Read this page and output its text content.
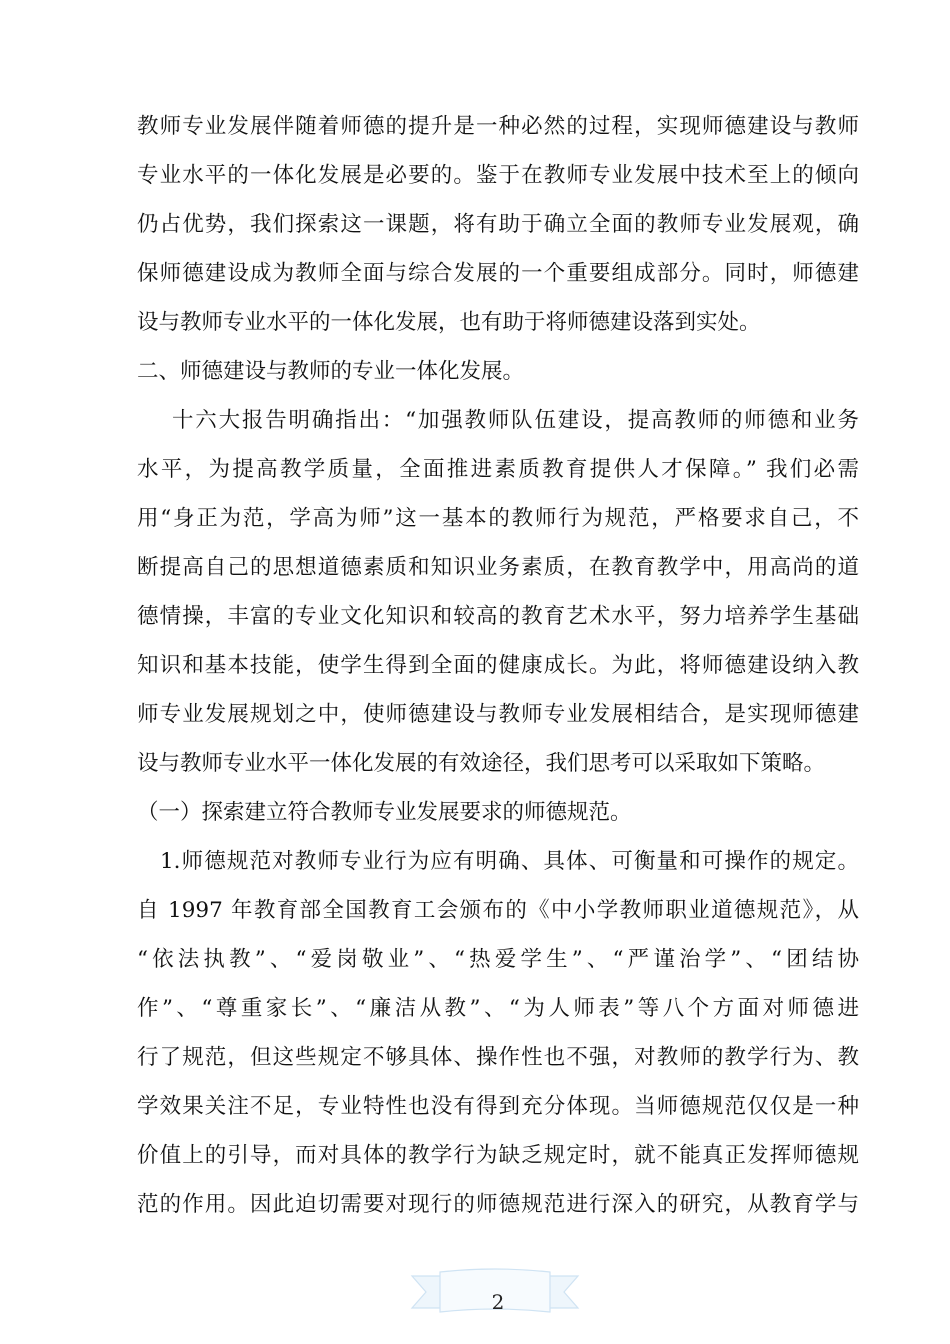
教师专业发展伴随着师德的提升是一种必然的过程，实现师德建设与教师
专业水平的一体化发展是必要的。鉴于在教师专业发展中技术至上的倾向
仍占优势，我们探索这一课题，将有助于确立全面的教师专业发展观，确
保师德建设成为教师全面与综合发展的一个重要组成部分。同时，师德建
设与教师专业水平的一体化发展，也有助于将师德建设落到实处。
二、师德建设与教师的专业一体化发展。
十六大报告明确指出：“加强教师队伍建设，提高教师的师德和业务
水平，为提高教学质量，全面推进素质教育提供人才保障。” 我们必需
用“身正为范，学高为师”这一基本的教师行为规范，严格要求自己，不
断提高自己的思想道德素质和知识业务素质，在教育教学中，用高尚的道
德情操，丰富的专业文化知识和较高的教育艺术水平，努力培养学生基础
知识和基本技能，使学生得到全面的健康成长。为此，将师德建设纳入教
师专业发展规划之中，使师德建设与教师专业发展相结合，是实现师德建
设与教师专业水平一体化发展的有效途径，我们思考可以采取如下策略。
（一）探索建立符合教师专业发展要求的师德规范。
1.师德规范对教师专业行为应有明确、具体、可衡量和可操作的规定。
自 1997 年教育部全国教育工会颁布的《中小学教师职业道德规范》，从
“依法执教”、“爱岗敬业”、“热爱学生”、“严谨治学”、“团结协
作”、“尊重家长”、“廉洁从教”、“为人师表”等八个方面对师德进
行了规范，但这些规定不够具体、操作性也不强，对教师的教学行为、教
学效果关注不足，专业特性也没有得到充分体现。当师德规范仅仅是一种
价值上的引导，而对具体的教学行为缺乏规定时，就不能真正发挥师德规
范的作用。因此迫切需要对现行的师德规范进行深入的研究，从教育学与
2
